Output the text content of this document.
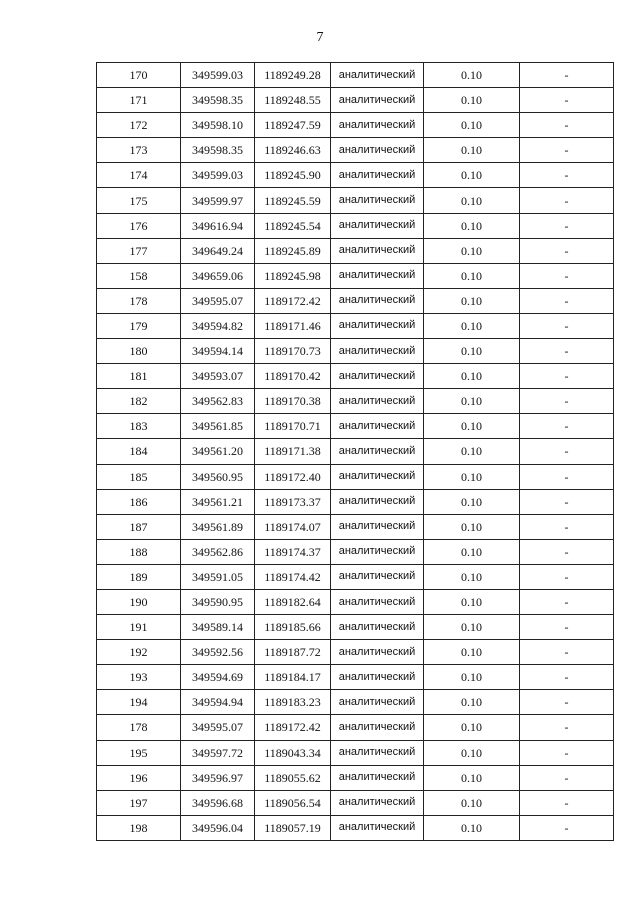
7
170	349599.03	1189249.28	аналитический	0.10	-
171	349598.35	1189248.55	аналитический	0.10	-
172	349598.10	1189247.59	аналитический	0.10	-
173	349598.35	1189246.63	аналитический	0.10	-
174	349599.03	1189245.90	аналитический	0.10	-
175	349599.97	1189245.59	аналитический	0.10	-
176	349616.94	1189245.54	аналитический	0.10	-
177	349649.24	1189245.89	аналитический	0.10	-
158	349659.06	1189245.98	аналитический	0.10	-
178	349595.07	1189172.42	аналитический	0.10	-
179	349594.82	1189171.46	аналитический	0.10	-
180	349594.14	1189170.73	аналитический	0.10	-
181	349593.07	1189170.42	аналитический	0.10	-
182	349562.83	1189170.38	аналитический	0.10	-
183	349561.85	1189170.71	аналитический	0.10	-
184	349561.20	1189171.38	аналитический	0.10	-
185	349560.95	1189172.40	аналитический	0.10	-
186	349561.21	1189173.37	аналитический	0.10	-
187	349561.89	1189174.07	аналитический	0.10	-
188	349562.86	1189174.37	аналитический	0.10	-
189	349591.05	1189174.42	аналитический	0.10	-
190	349590.95	1189182.64	аналитический	0.10	-
191	349589.14	1189185.66	аналитический	0.10	-
192	349592.56	1189187.72	аналитический	0.10	-
193	349594.69	1189184.17	аналитический	0.10	-
194	349594.94	1189183.23	аналитический	0.10	-
178	349595.07	1189172.42	аналитический	0.10	-
195	349597.72	1189043.34	аналитический	0.10	-
196	349596.97	1189055.62	аналитический	0.10	-
197	349596.68	1189056.54	аналитический	0.10	-
198	349596.04	1189057.19	аналитический	0.10	-
